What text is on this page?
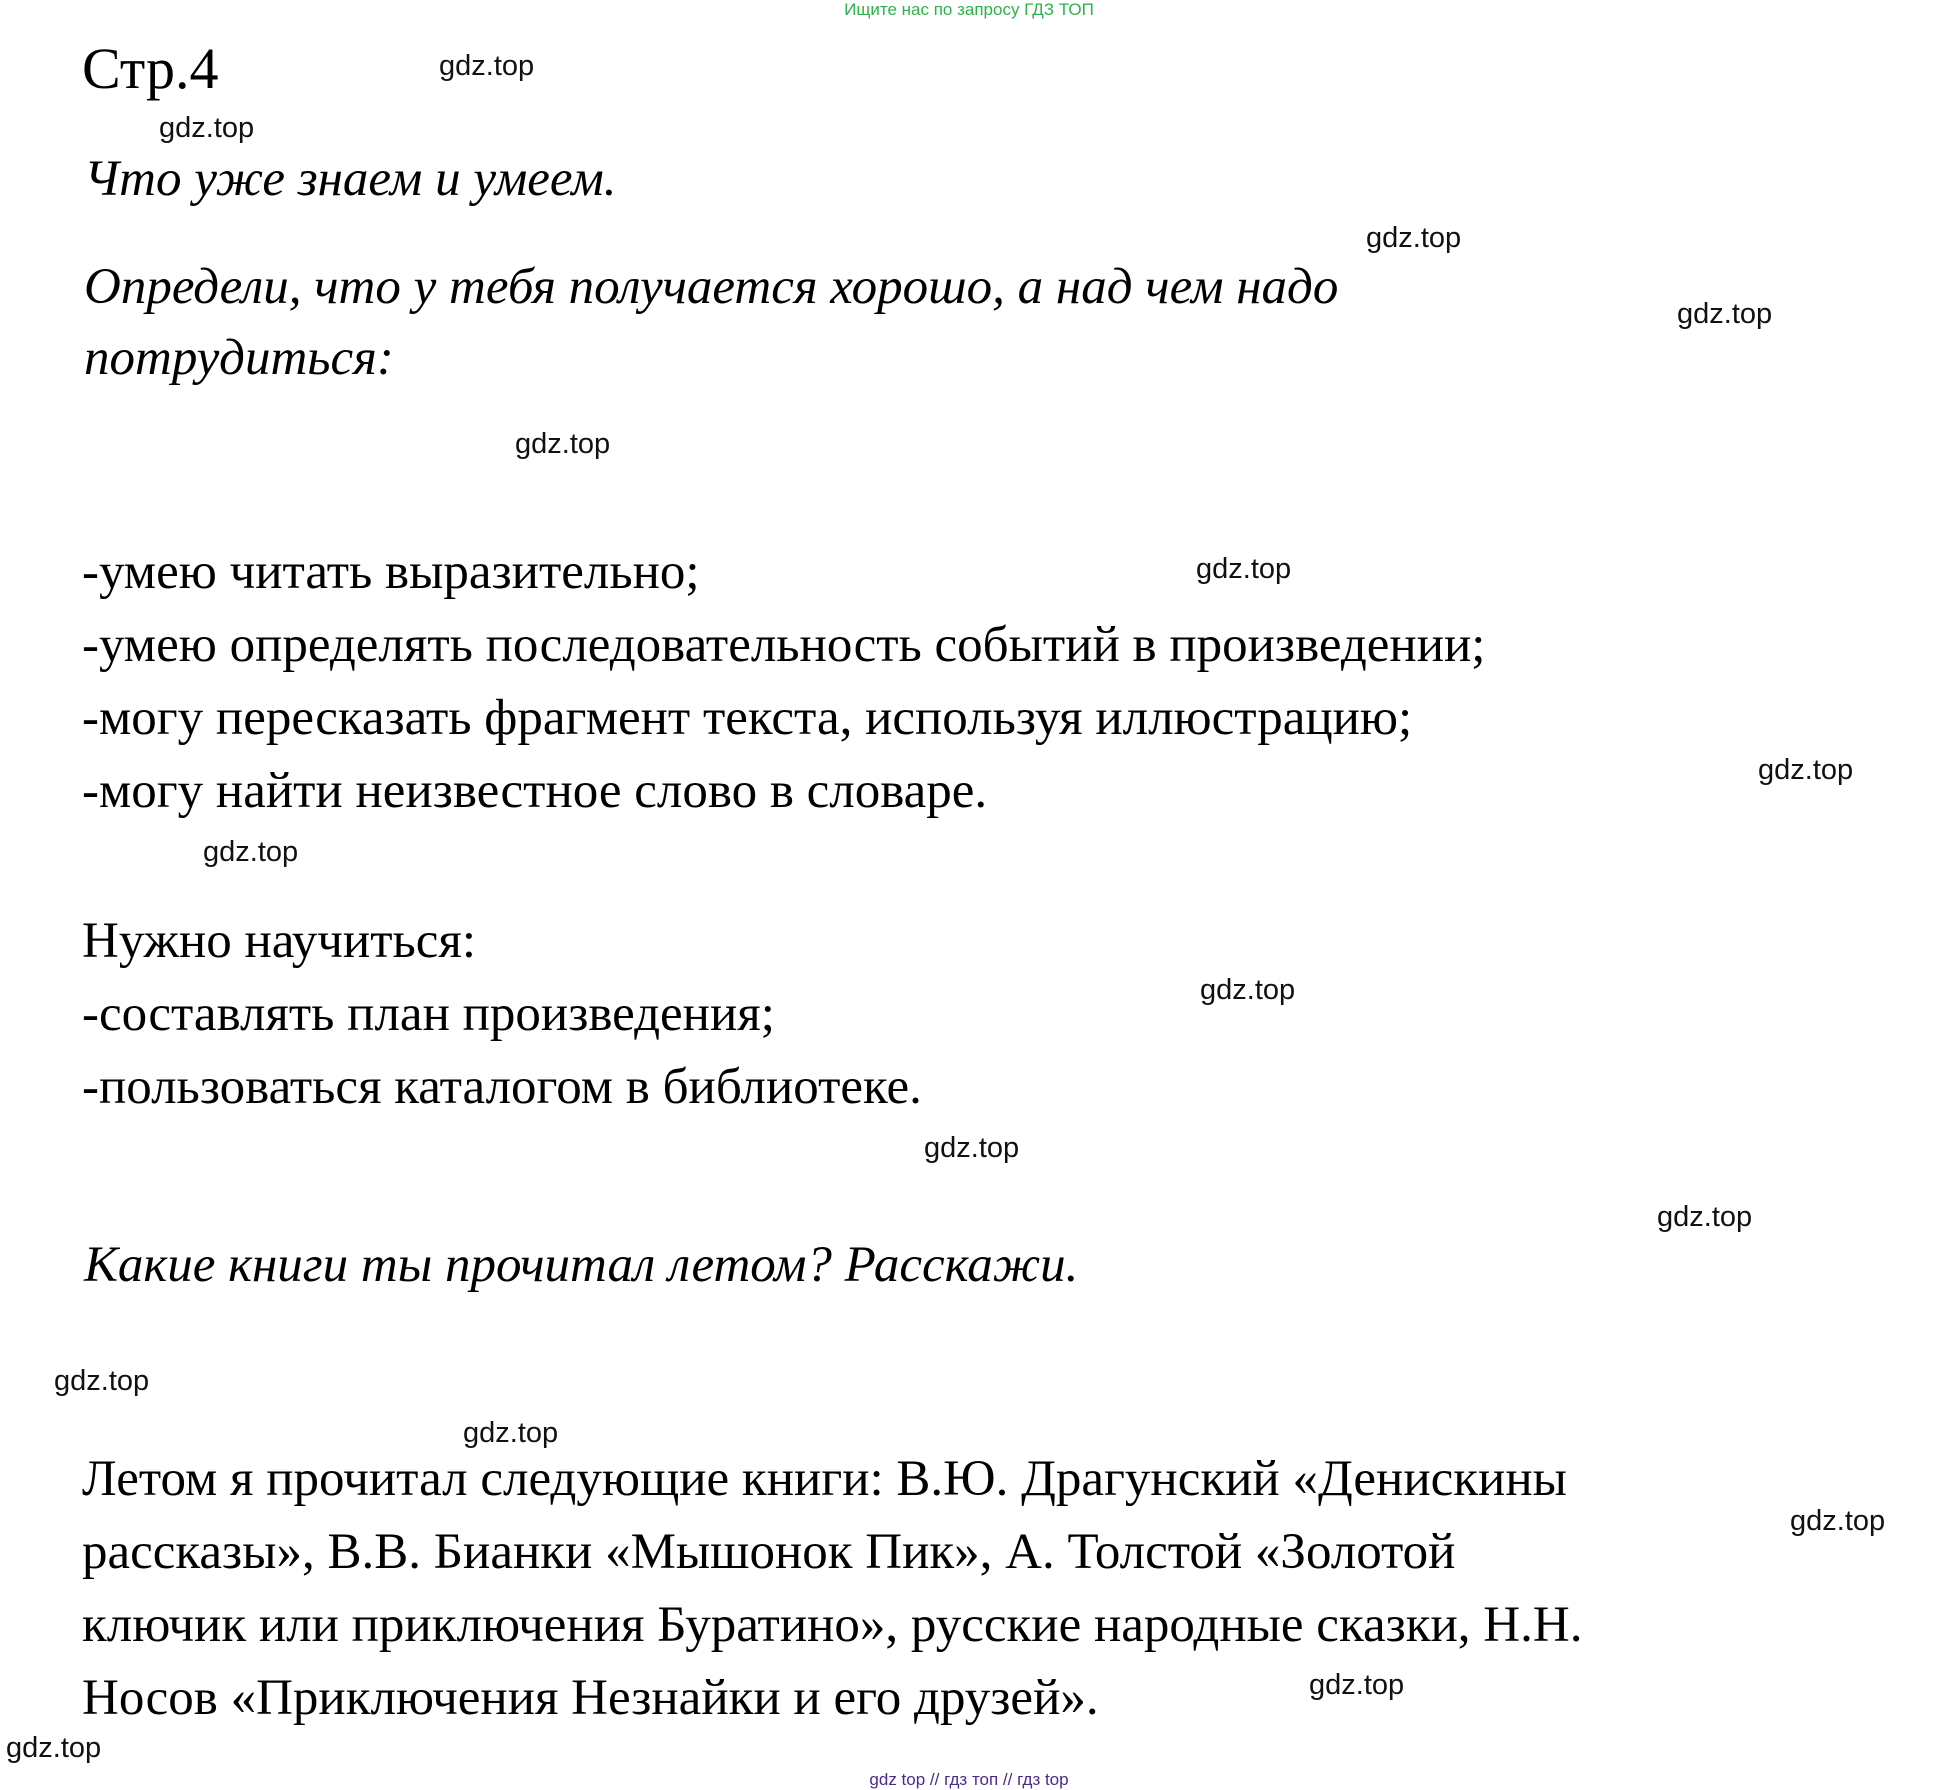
Ищите нас по запросу ГДЗ ТОП
Стр.4
Что уже знаем и умеем.
Определи, что у тебя получается хорошо, а над чем надо
потрудиться:
-умею читать выразительно;
-умею определять последовательность событий в произведении;
-могу пересказать фрагмент текста, используя иллюстрацию;
-могу найти неизвестное слово в словаре.
Нужно научиться:
-составлять план произведения;
-пользоваться каталогом в библиотеке.
Какие книги ты прочитал летом? Расскажи.
Летом я прочитал следующие книги: В.Ю. Драгунский «Денискины
рассказы», В.В. Бианки «Мышонок Пик», А. Толстой «Золотой
ключик или приключения Буратино», русские народные сказки, Н.Н.
Носов «Приключения Незнайки и его друзей».
gdz.top
gdz.top
gdz.top
gdz.top
gdz.top
gdz.top
gdz.top
gdz.top
gdz.top
gdz.top
gdz.top
gdz.top
gdz.top
gdz.top
gdz.top
gdz.top
gdz top // гдз топ // гдз top
